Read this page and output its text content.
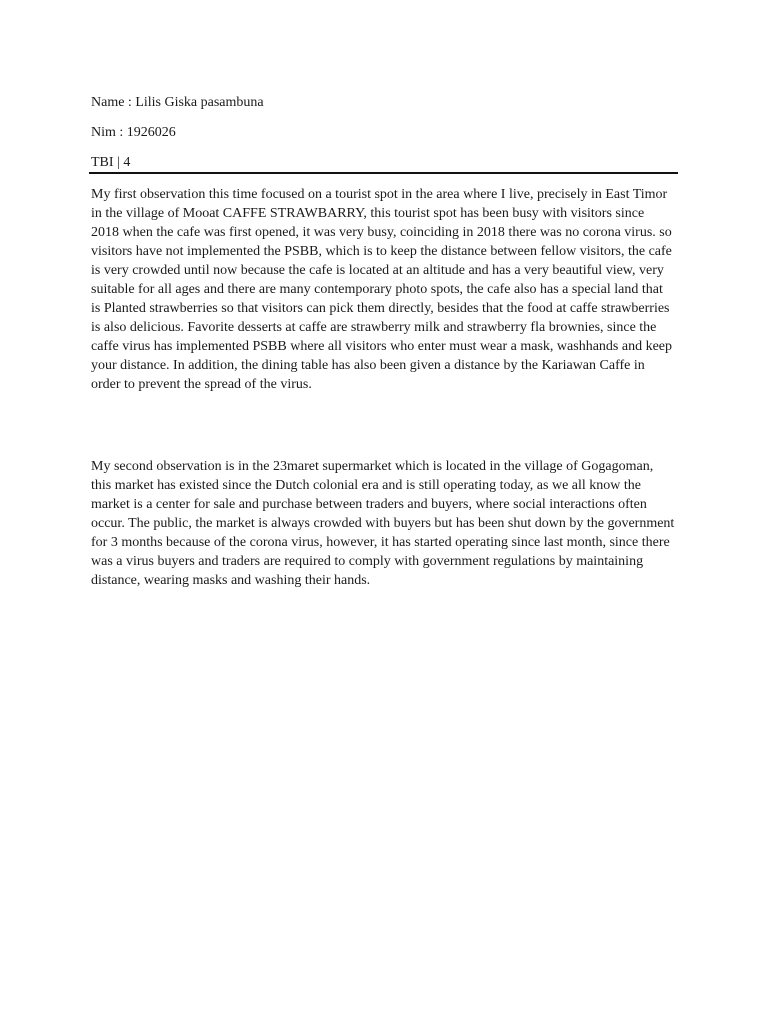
Name : Lilis Giska pasambuna
Nim : 1926026
TBI | 4

My first observation this time focused on a tourist spot in the area where I live, precisely in East Timor in the village of Mooat CAFFE STRAWBARRY, this tourist spot has been busy with visitors since 2018 when the cafe was first opened, it was very busy, coinciding in 2018 there was no corona virus. so visitors have not implemented the PSBB, which is to keep the distance between fellow visitors, the cafe is very crowded until now because the cafe is located at an altitude and has a very beautiful view, very suitable for all ages and there are many contemporary photo spots, the cafe also has a special land that is Planted strawberries so that visitors can pick them directly, besides that the food at caffe strawberries is also delicious. Favorite desserts at caffe are strawberry milk and strawberry fla brownies, since the caffe virus has implemented PSBB where all visitors who enter must wear a mask, washhands and keep your distance. In addition, the dining table has also been given a distance by the Kariawan Caffe in order to prevent the spread of the virus.

My second observation is in the 23maret supermarket which is located in the village of Gogagoman, this market has existed since the Dutch colonial era and is still operating today, as we all know the market is a center for sale and purchase between traders and buyers, where social interactions often occur. The public, the market is always crowded with buyers but has been shut down by the government for 3 months because of the corona virus, however, it has started operating since last month, since there was a virus buyers and traders are required to comply with government regulations by maintaining distance, wearing masks and washing their hands.
